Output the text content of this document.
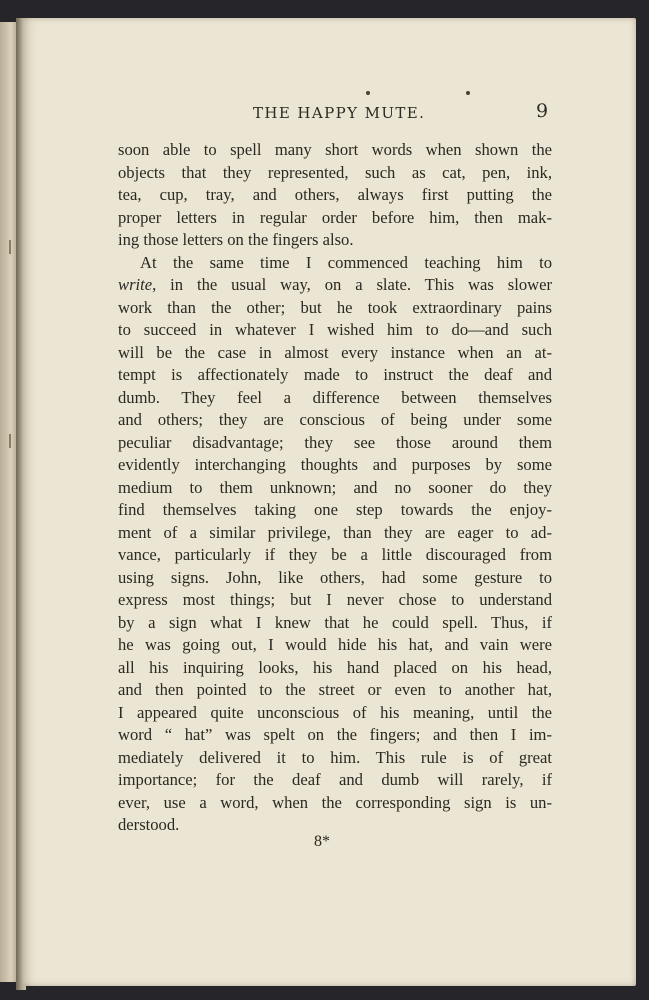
THE HAPPY MUTE.	9
soon able to spell many short words when shown the
objects that they represented, such as cat, pen, ink,
tea, cup, tray, and others, always first putting the
proper letters in regular order before him, then mak-
ing those letters on the fingers also.
At the same time I commenced teaching him to
write, in the usual way, on a slate. This was slower
work than the other; but he took extraordinary pains
to succeed in whatever I wished him to do—and such
will be the case in almost every instance when an at-
tempt is affectionately made to instruct the deaf and
dumb. They feel a difference between themselves
and others; they are conscious of being under some
peculiar disadvantage; they see those around them
evidently interchanging thoughts and purposes by some
medium to them unknown; and no sooner do they
find themselves taking one step towards the enjoy-
ment of a similar privilege, than they are eager to ad-
vance, particularly if they be a little discouraged from
using signs. John, like others, had some gesture to
express most things; but I never chose to understand
by a sign what I knew that he could spell. Thus, if
he was going out, I would hide his hat, and vain were
all his inquiring looks, his hand placed on his head,
and then pointed to the street or even to another hat,
I appeared quite unconscious of his meaning, until the
word “ hat” was spelt on the fingers; and then I im-
mediately delivered it to him. This rule is of great
importance; for the deaf and dumb will rarely, if
ever, use a word, when the corresponding sign is un-
derstood.
8*
